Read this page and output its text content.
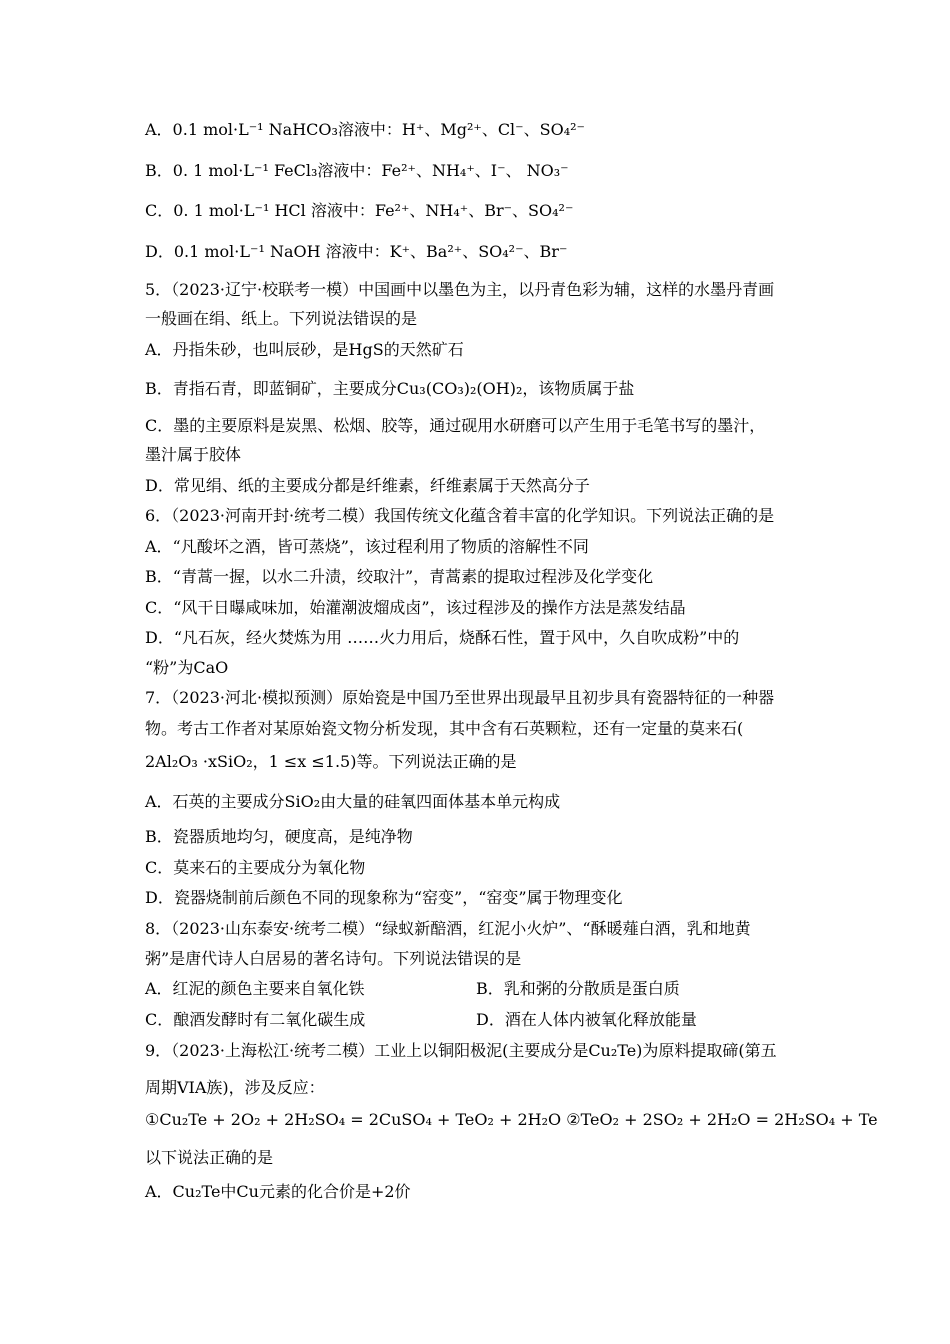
A．0.1 mol·L⁻¹ NaHCO₃溶液中：H⁺、Mg²⁺、Cl⁻、SO₄²⁻
B．0. 1 mol·L⁻¹ FeCl₃溶液中：Fe²⁺、NH₄⁺、I⁻、 NO₃⁻
C．0. 1 mol·L⁻¹ HCl 溶液中：Fe²⁺、NH₄⁺、Br⁻、SO₄²⁻
D．0.1 mol·L⁻¹ NaOH 溶液中：K⁺、Ba²⁺、SO₄²⁻、Br⁻
5．（2023·辽宁·校联考一模）中国画中以墨色为主，以丹青色彩为辅，这样的水墨丹青画
一般画在绢、纸上。下列说法错误的是
A．丹指朱砂，也叫辰砂，是HgS的天然矿石
B．青指石青，即蓝铜矿，主要成分Cu₃(CO₃)₂(OH)₂，该物质属于盐
C．墨的主要原料是炭黑、松烟、胶等，通过砚用水研磨可以产生用于毛笔书写的墨汁，
墨汁属于胶体
D．常见绢、纸的主要成分都是纤维素，纤维素属于天然高分子
6．（2023·河南开封·统考二模）我国传统文化蕴含着丰富的化学知识。下列说法正确的是
A．“凡酸坏之酒，皆可蒸烧”，该过程利用了物质的溶解性不同
B．“青蒿一握，以水二升渍，绞取汁”，青蒿素的提取过程涉及化学变化
C．“风干日曝咸味加，始灌潮波熘成卤”，该过程涉及的操作方法是蒸发结晶
D．“凡石灰，经火焚炼为用 ……火力用后，烧酥石性，置于风中，久自吹成粉”中的
“粉”为CaO
7．（2023·河北·模拟预测）原始瓷是中国乃至世界出现最早且初步具有瓷器特征的一种器
物。考古工作者对某原始瓷文物分析发现，其中含有石英颗粒，还有一定量的莫来石(
2Al₂O₃ ·xSiO₂，1 ≤x ≤1.5)等。下列说法正确的是
A．石英的主要成分SiO₂由大量的硅氧四面体基本单元构成
B．瓷器质地均匀，硬度高，是纯净物
C．莫来石的主要成分为氧化物
D．瓷器烧制前后颜色不同的现象称为“窑变”，“窑变”属于物理变化
8．（2023·山东泰安·统考二模）“绿蚁新醅酒，红泥小火炉”、“酥暖薤白酒，乳和地黄
粥”是唐代诗人白居易的著名诗句。下列说法错误的是
A．红泥的颜色主要来自氧化铁
C．酿酒发酵时有二氧化碳生成
9．（2023·上海松江·统考二模）工业上以铜阳极泥(主要成分是Cu₂Te)为原料提取碲(第五
周期VIA族)，涉及反应：
①Cu₂Te + 2O₂ + 2H₂SO₄ = 2CuSO₄ + TeO₂ + 2H₂O ②TeO₂ + 2SO₂ + 2H₂O = 2H₂SO₄ + Te
以下说法正确的是
A．Cu₂Te中Cu元素的化合价是+2价
B．乳和粥的分散质是蛋白质
D．酒在人体内被氧化释放能量
